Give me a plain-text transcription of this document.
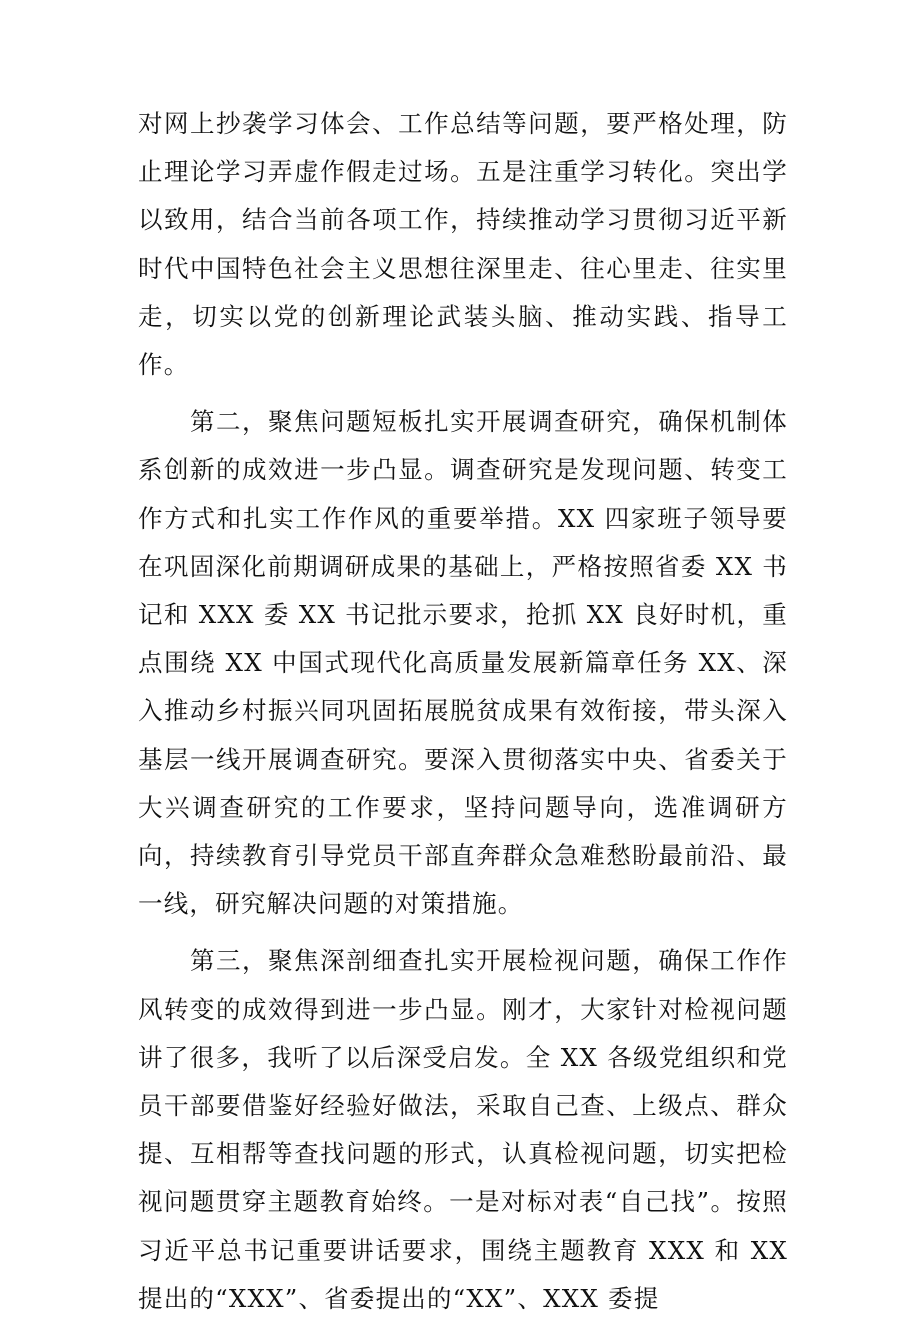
对网上抄袭学习体会、工作总结等问题，要严格处理，防止理论学习弄虚作假走过场。五是注重学习转化。突出学以致用，结合当前各项工作，持续推动学习贯彻习近平新时代中国特色社会主义思想往深里走、往心里走、往实里走，切实以党的创新理论武装头脑、推动实践、指导工作。

第二，聚焦问题短板扎实开展调查研究，确保机制体系创新的成效进一步凸显。调查研究是发现问题、转变工作方式和扎实工作作风的重要举措。XX 四家班子领导要在巩固深化前期调研成果的基础上，严格按照省委 XX 书记和 XXX 委 XX 书记批示要求，抢抓 XX 良好时机，重点围绕 XX 中国式现代化高质量发展新篇章任务 XX、深入推动乡村振兴同巩固拓展脱贫成果有效衔接，带头深入基层一线开展调查研究。要深入贯彻落实中央、省委关于大兴调查研究的工作要求，坚持问题导向，选准调研方向，持续教育引导党员干部直奔群众急难愁盼最前沿、最一线，研究解决问题的对策措施。

第三，聚焦深剖细查扎实开展检视问题，确保工作作风转变的成效得到进一步凸显。刚才，大家针对检视问题讲了很多，我听了以后深受启发。全 XX 各级党组织和党员干部要借鉴好经验好做法，采取自己查、上级点、群众提、互相帮等查找问题的形式，认真检视问题，切实把检视问题贯穿主题教育始终。一是对标对表“自己找”。按照习近平总书记重要讲话要求，围绕主题教育 XXX 和 XX 提出的“XXX”、省委提出的“XX”、XXX 委提
